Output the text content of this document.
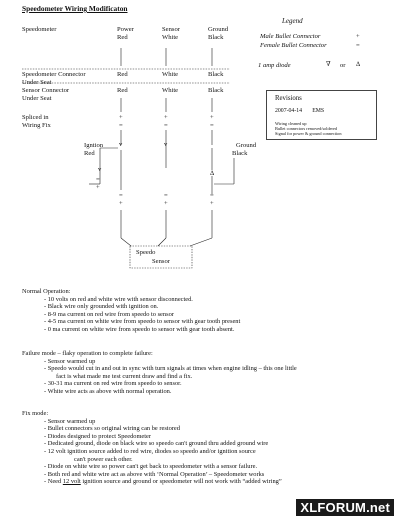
Speedometer Wiring Modificaton
Legend
Male Bullet Connector	+
Female Bullet Connector	=
1 amp diode	∇ or ∆
Revisions
2007-04-14 EMS
Wiring cleaned up
Bullet connectors removed/soldered
Signal for power & ground connection
Speedometer	Power	Sensor	Ground
Red	White	Black
Speedometer Connector	Red	White	Black
Under Seat
Sensor Connector	Red	White	Black
Under Seat
Spliced in
Wiring Fix
+	+	+
=	=	=
Igntion
Red
v	v	Ground
Black
v
∆
=
+
=	=	=
+	+	+
Speedo
Sensor
Normal Operation:
- 10 volts on red and white wire with sensor disconnected.
- Black wire only grounded with ignition on.
- 8-9 ma current on red wire from speedo to sensor
- 4-5 ma current on white wire from speedo to sensor with gear tooth present
- 0 ma current on white wire from speedo to sensor with gear tooth absent.
Failure mode – flaky operation to complete failure:
- Sensor warmed up
- Speedo would cut in and out in sync with turn signals at times when engine idling – this one little
fact is what made me test current draw and find a fix.
- 30-31 ma current on red wire from speedo to sensor.
- White wire acts as above with normal operation.
Fix mode:
- Sensor warmed up
- Bullet connectors so original wiring can be restored
- Diodes designed to protect Speedometer
- Dedicated ground, diode on black wire so speedo can't ground thru added ground wire
- 12 volt ignition source added to red wire, diodes so speedo and/or ignition source
can't power each other.
- Diode on white wire so power can't get back to speedometer with a sensor failure.
- Both red and white wire act as above with ‘Normal Operation’ – Speedometer works
- Need 12 volt ignition source and ground or speedometer will not work with “added wiring”
XLFORUM.net
